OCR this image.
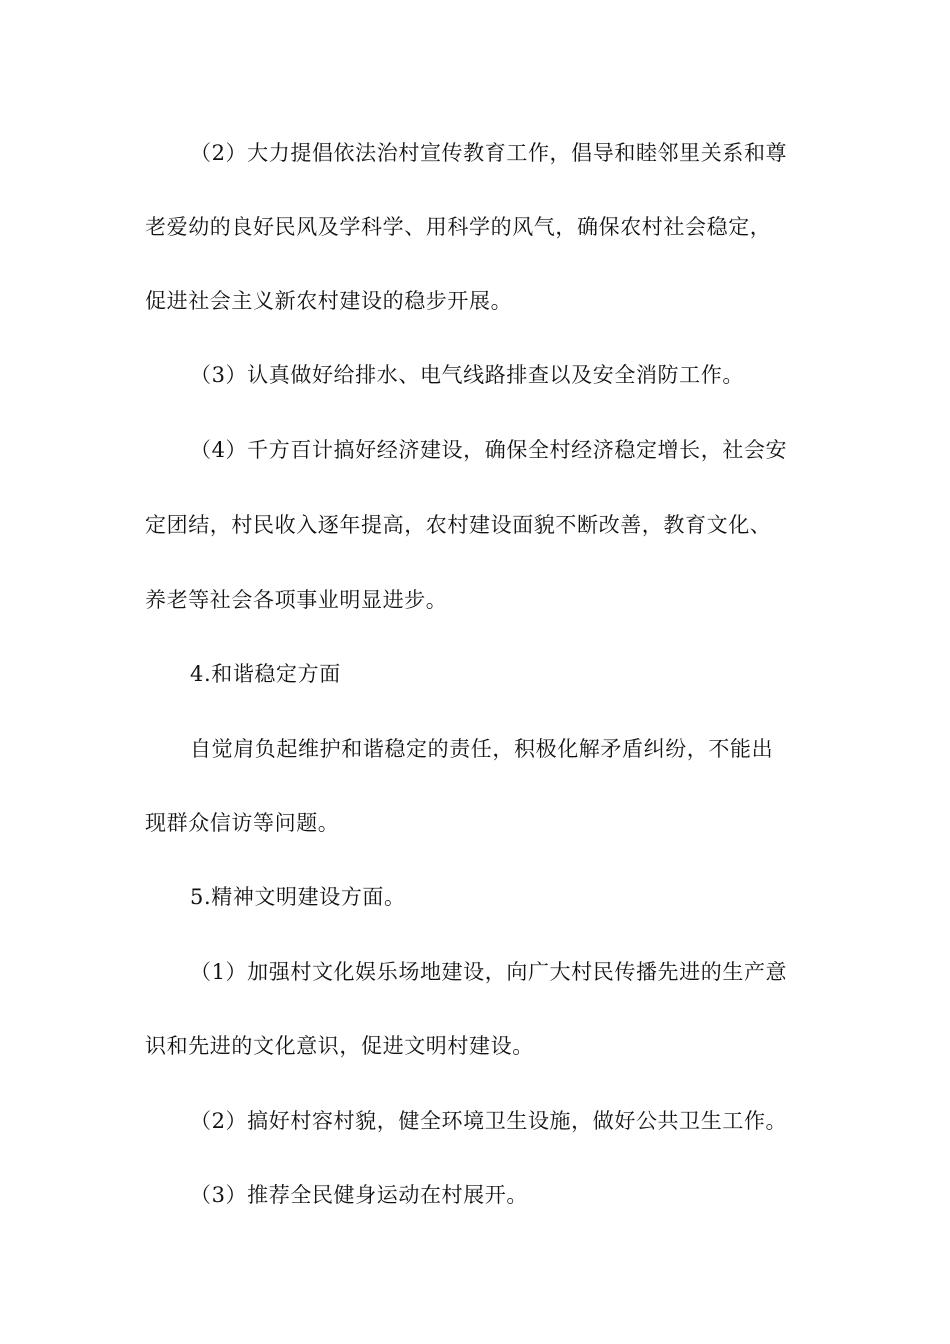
（2）大力提倡依法治村宣传教育工作，倡导和睦邻里关系和尊
老爱幼的良好民风及学科学、用科学的风气，确保农村社会稳定，
促进社会主义新农村建设的稳步开展。
（3）认真做好给排水、电气线路排查以及安全消防工作。
（4）千方百计搞好经济建设，确保全村经济稳定增长，社会安
定团结，村民收入逐年提高，农村建设面貌不断改善，教育文化、
养老等社会各项事业明显进步。
4.和谐稳定方面
自觉肩负起维护和谐稳定的责任，积极化解矛盾纠纷，不能出
现群众信访等问题。
5.精神文明建设方面。
（1）加强村文化娱乐场地建设，向广大村民传播先进的生产意
识和先进的文化意识，促进文明村建设。
（2）搞好村容村貌，健全环境卫生设施，做好公共卫生工作。
（3）推荐全民健身运动在村展开。
